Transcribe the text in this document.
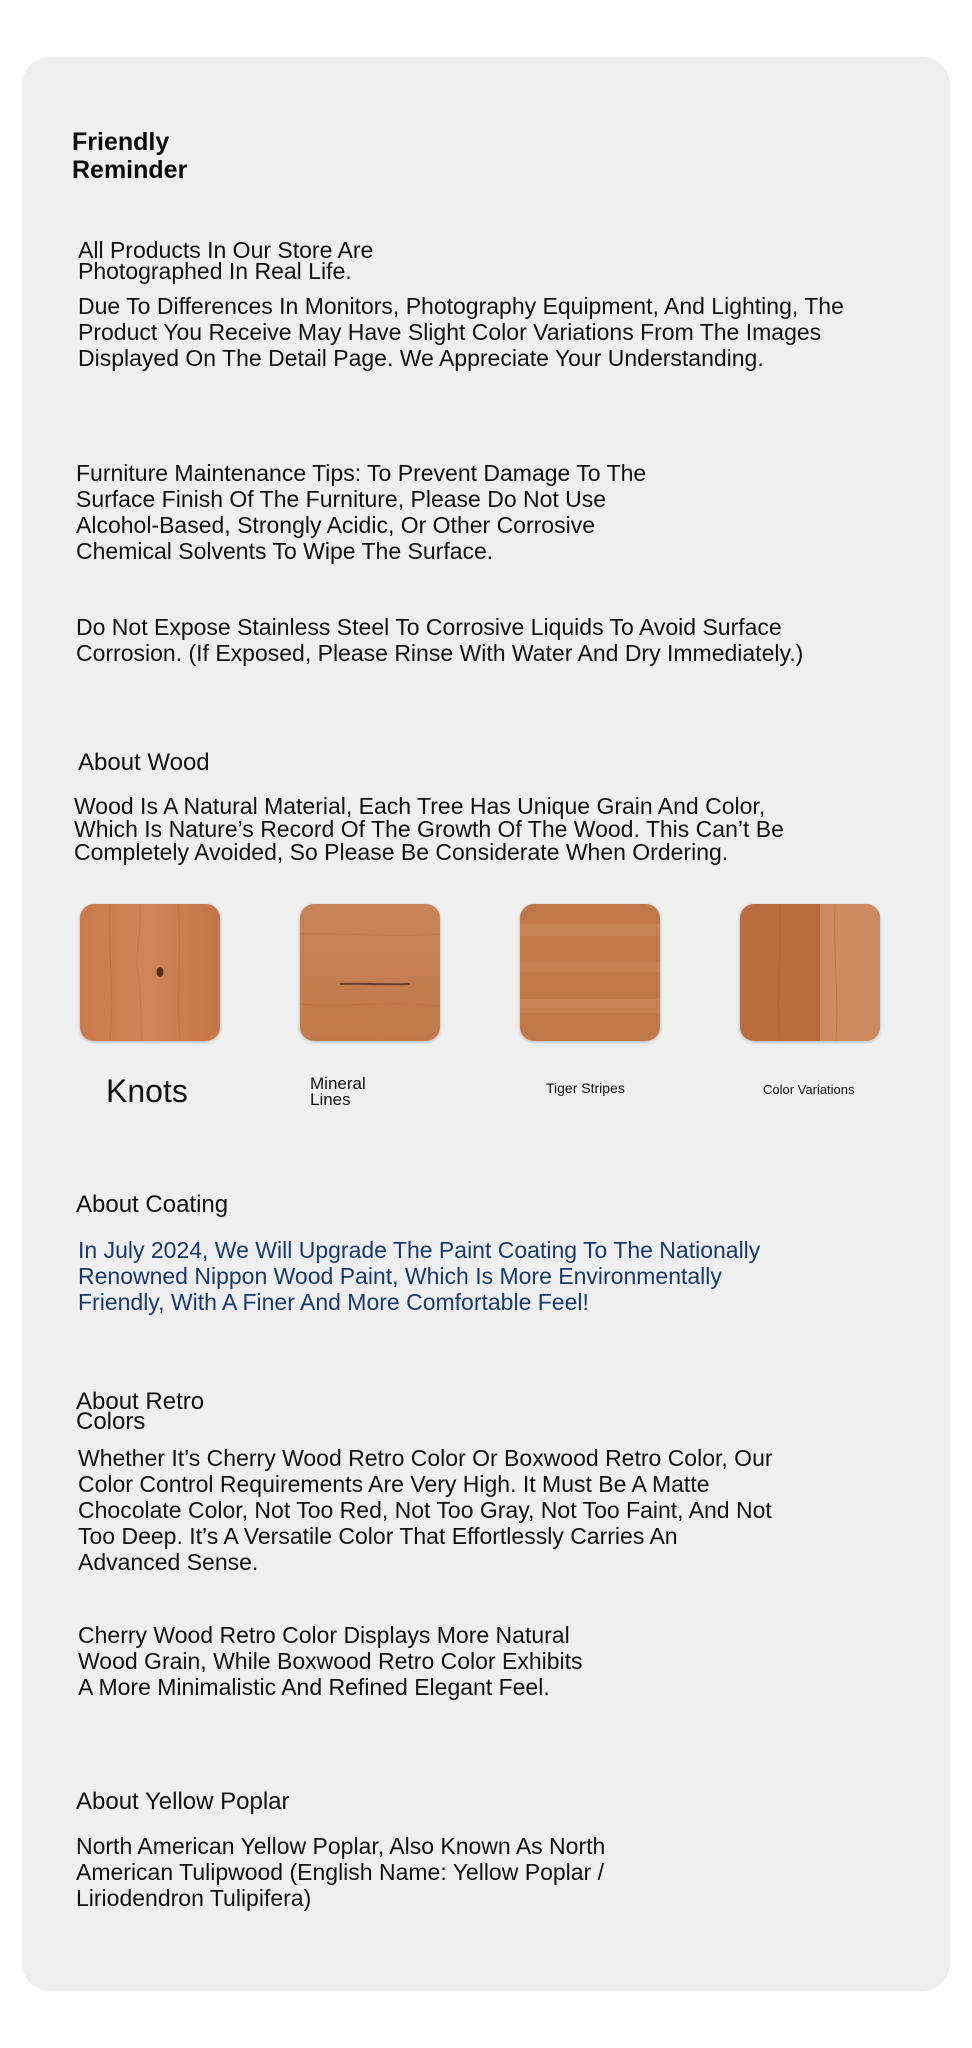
Friendly
Reminder
All Products In Our Store Are
Photographed In Real Life.
Due To Differences In Monitors, Photography Equipment, And Lighting, The
Product You Receive May Have Slight Color Variations From The Images
Displayed On The Detail Page. We Appreciate Your Understanding.
Furniture Maintenance Tips: To Prevent Damage To The
Surface Finish Of The Furniture, Please Do Not Use
Alcohol-Based, Strongly Acidic, Or Other Corrosive
Chemical Solvents To Wipe The Surface.
Do Not Expose Stainless Steel To Corrosive Liquids To Avoid Surface
Corrosion. (If Exposed, Please Rinse With Water And Dry Immediately.)
About Wood
Wood Is A Natural Material, Each Tree Has Unique Grain And Color,
Which Is Nature’s Record Of The Growth Of The Wood. This Can’t Be
Completely Avoided, So Please Be Considerate When Ordering.
Knots	Mineral
Lines
Tiger Stripes	Color Variations
About Coating
In July 2024, We Will Upgrade The Paint Coating To The Nationally
Renowned Nippon Wood Paint, Which Is More Environmentally
Friendly, With A Finer And More Comfortable Feel!
About Retro
Colors
Whether It’s Cherry Wood Retro Color Or Boxwood Retro Color, Our
Color Control Requirements Are Very High. It Must Be A Matte
Chocolate Color, Not Too Red, Not Too Gray, Not Too Faint, And Not
Too Deep. It’s A Versatile Color That Effortlessly Carries An
Advanced Sense.
Cherry Wood Retro Color Displays More Natural
Wood Grain, While Boxwood Retro Color Exhibits
A More Minimalistic And Refined Elegant Feel.
About Yellow Poplar
North American Yellow Poplar, Also Known As North
American Tulipwood (English Name: Yellow Poplar /
Liriodendron Tulipifera)
